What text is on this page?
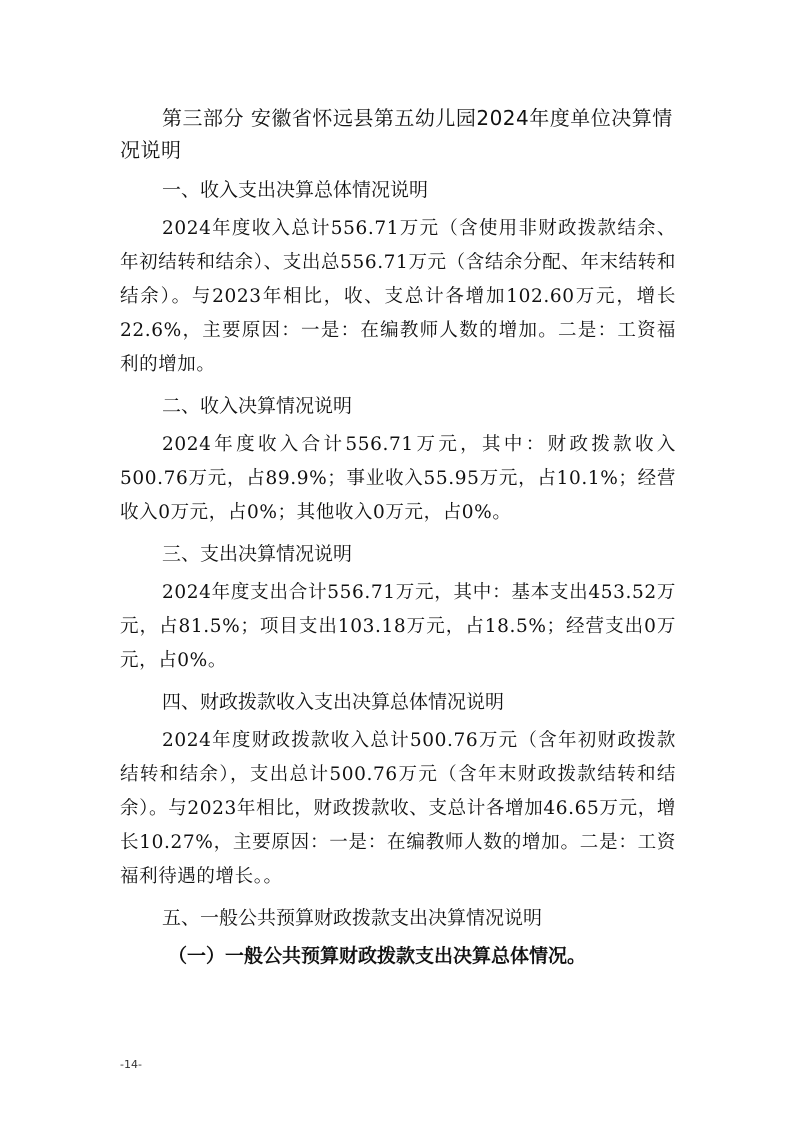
第三部分 安徽省怀远县第五幼儿园2024年度单位决算情况说明
一、收入支出决算总体情况说明
2024年度收入总计556.71万元（含使用非财政拨款结余、年初结转和结余）、支出总556.71万元（含结余分配、年末结转和结余）。与2023年相比，收、支总计各增加102.60万元，增长22.6%，主要原因：一是：在编教师人数的增加。二是：工资福利的增加。
二、收入决算情况说明
2024年度收入合计556.71万元，其中：财政拨款收入500.76万元，占89.9%；事业收入55.95万元，占10.1%；经营收入0万元，占0%；其他收入0万元，占0%。
三、支出决算情况说明
2024年度支出合计556.71万元，其中：基本支出453.52万元，占81.5%；项目支出103.18万元，占18.5%；经营支出0万元，占0%。
四、财政拨款收入支出决算总体情况说明
2024年度财政拨款收入总计500.76万元（含年初财政拨款结转和结余），支出总计500.76万元（含年末财政拨款结转和结余）。与2023年相比，财政拨款收、支总计各增加46.65万元，增长10.27%，主要原因：一是：在编教师人数的增加。二是：工资福利待遇的增长。。
五、一般公共预算财政拨款支出决算情况说明
（一）一般公共预算财政拨款支出决算总体情况。
-14-
